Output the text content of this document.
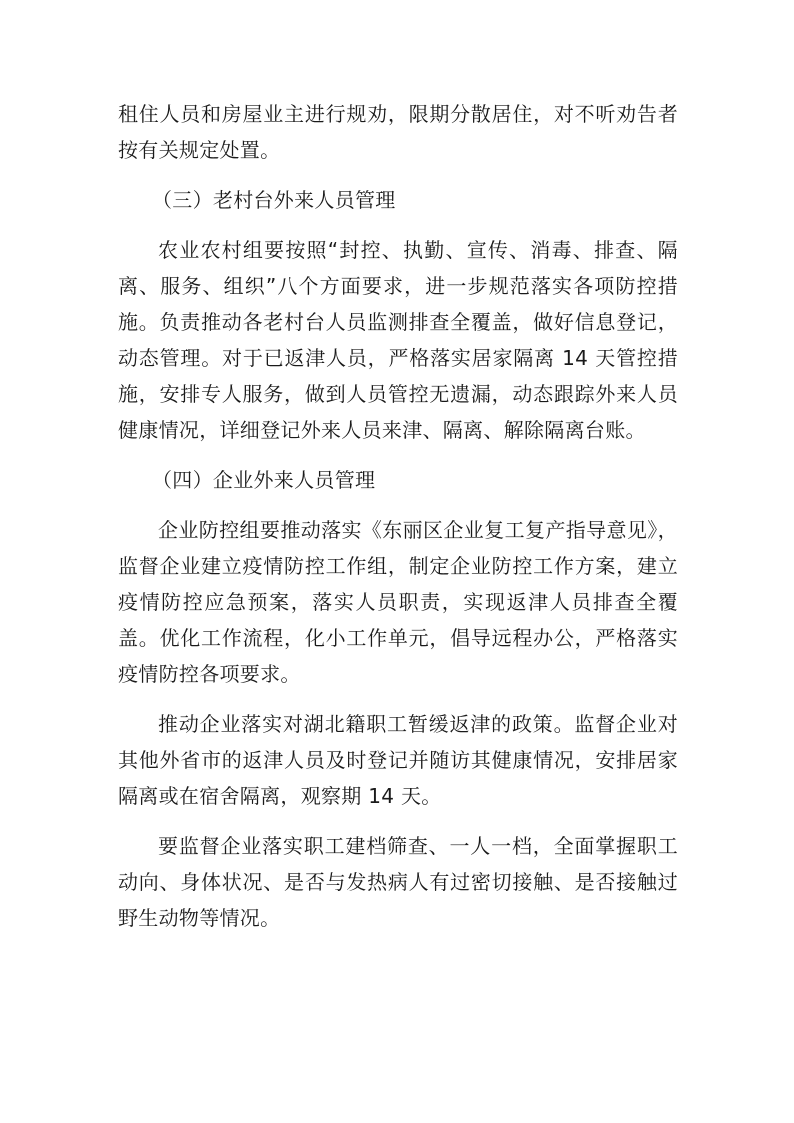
租住人员和房屋业主进行规劝，限期分散居住，对不听劝告者按有关规定处置。

（三）老村台外来人员管理

农业农村组要按照“封控、执勤、宣传、消毒、排查、隔离、服务、组织”八个方面要求，进一步规范落实各项防控措施。负责推动各老村台人员监测排查全覆盖，做好信息登记，动态管理。对于已返津人员，严格落实居家隔离 14 天管控措施，安排专人服务，做到人员管控无遗漏，动态跟踪外来人员健康情况，详细登记外来人员来津、隔离、解除隔离台账。

（四）企业外来人员管理

企业防控组要推动落实《东丽区企业复工复产指导意见》，监督企业建立疫情防控工作组，制定企业防控工作方案，建立疫情防控应急预案，落实人员职责，实现返津人员排查全覆盖。优化工作流程，化小工作单元，倡导远程办公，严格落实疫情防控各项要求。

推动企业落实对湖北籍职工暂缓返津的政策。监督企业对其他外省市的返津人员及时登记并随访其健康情况，安排居家隔离或在宿舍隔离，观察期 14 天。

要监督企业落实职工建档筛查、一人一档，全面掌握职工动向、身体状况、是否与发热病人有过密切接触、是否接触过野生动物等情况。
